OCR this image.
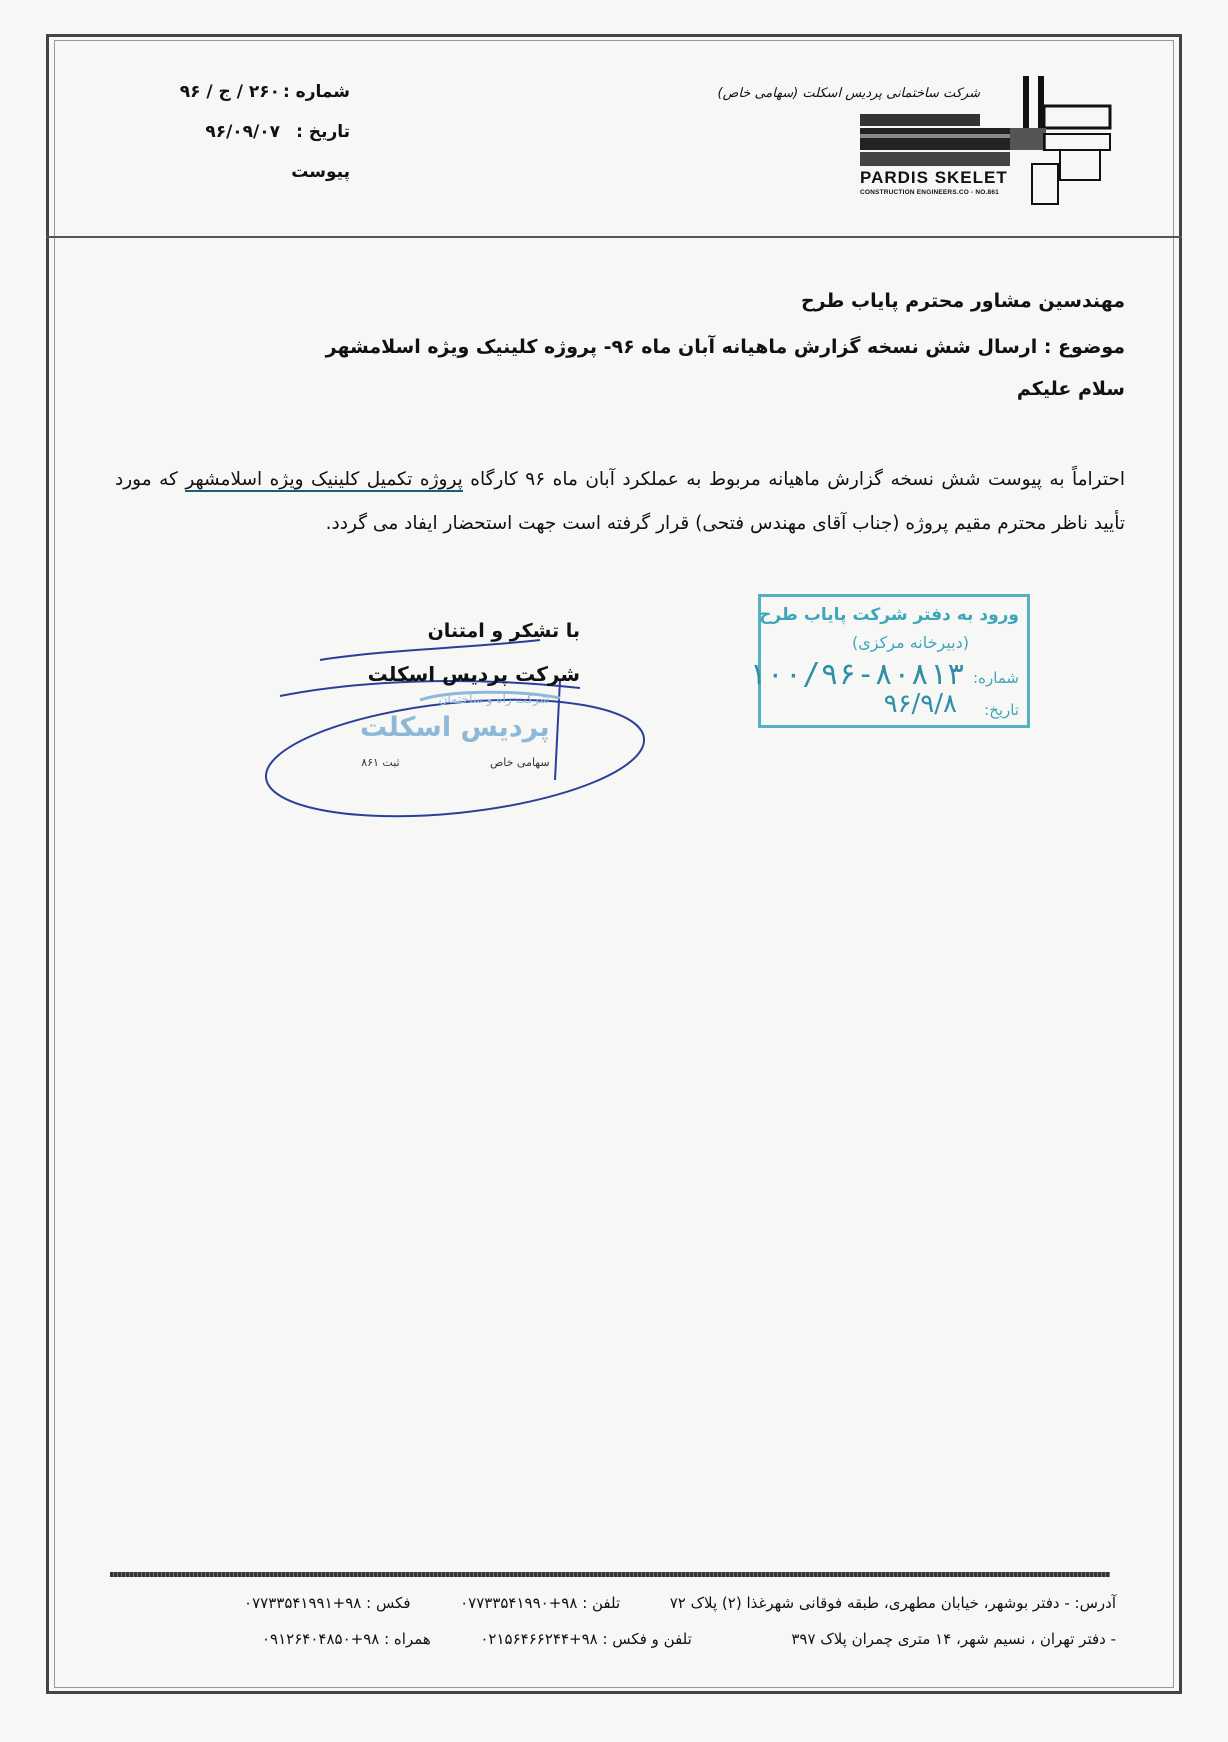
شماره :
۲۶۰ / ج / ۹۶
تاریخ :
۹۶/۰۹/۰۷
پیوست
شرکت ساختمانی پردیس اسکلت (سهامی خاص)
PARDIS SKELET
CONSTRUCTION ENGINEERS.CO - NO.861
مهندسین مشاور محترم پایاب طرح
موضوع : ارسال شش نسخه گزارش ماهیانه آبان ماه ۹۶- پروژه کلینیک ویژه اسلامشهر
سلام علیکم
احتراماً به پیوست شش نسخه گزارش ماهیانه مربوط به عملکرد آبان ماه ۹۶ کارگاه پروژه تکمیل کلینیک ویژه اسلامشهر که مورد تأیید ناظر محترم مقیم پروژه (جناب آقای مهندس فتحی) قرار گرفته است جهت استحضار ایفاد می گردد.
با تشکر و امتنان
شرکت پردیس اسکلت
شرکت راه و ساختمان
پردیس اسکلت
سهامی خاص
ثبت ۸۶۱
ورود به دفتر شرکت پایاب طرح
(دبیرخانه مرکزی)
شماره:
۱۰۰/۹۶-۸۰۸۱۳
تاریخ:
۹۶/۹/۸
آدرس: - دفتر بوشهر، خیابان مطهری، طبقه فوقانی شهرغذا (۲) پلاک ۷۲  تلفن : ۰۷۷۳۳۵۴۱۹۹۰+۹۸  فکس : ۰۷۷۳۳۵۴۱۹۹۱+۹۸
- دفتر تهران ، نسیم شهر، ۱۴ متری چمران پلاک ۳۹۷  تلفن و فکس : ۰۲۱۵۶۴۶۶۲۴۴+۹۸  همراه : ۰۹۱۲۶۴۰۴۸۵۰+۹۸
